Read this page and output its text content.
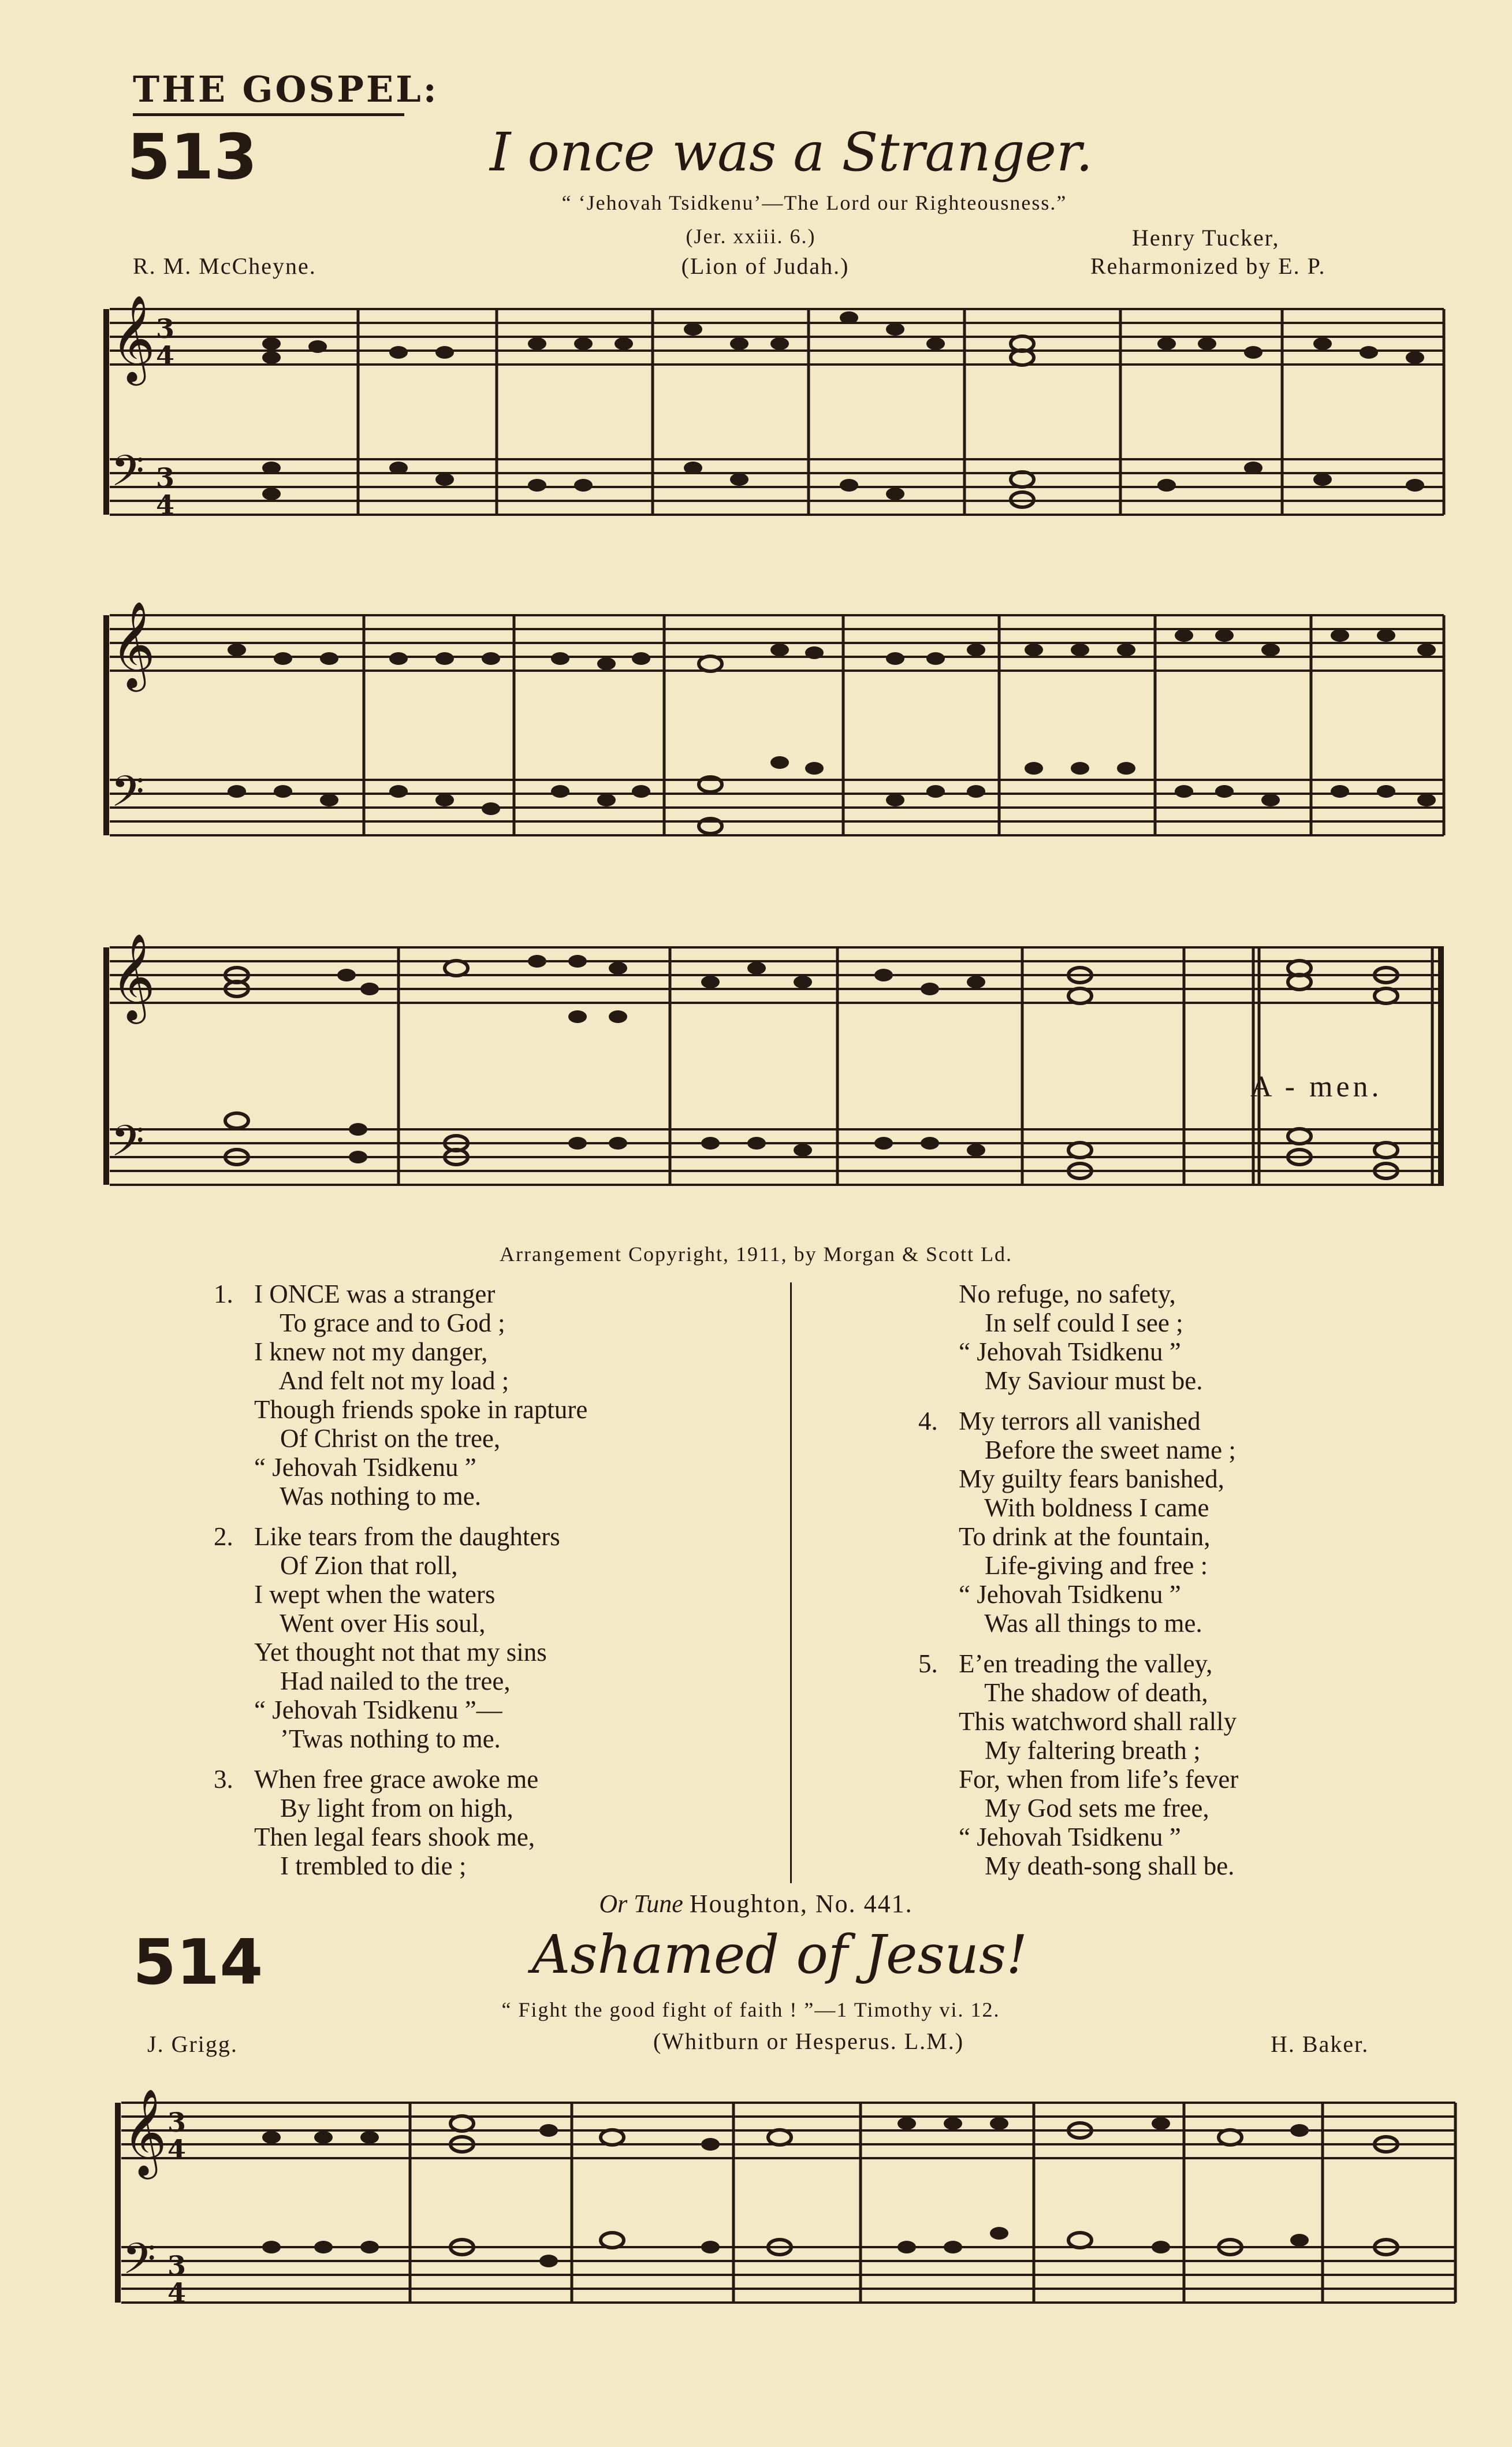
THE GOSPEL:
513	I once was a Stranger.
“ ‘Jehovah Tsidkenu’—The Lord our Righteousness.”
(Jer. xxiii. 6.)
(Lion of Judah.)
R. M. McCheyne.
Henry Tucker,
Reharmonized by E. P.
𝄞
𝄢
3
4
3
4
𝄞
𝄢
𝄞
𝄢
A - men.
Arrangement Copyright, 1911, by Morgan & Scott Ld.
1. I ONCE was a stranger
To grace and to God ;
I knew not my danger,
And felt not my load ;
Though friends spoke in rapture
Of Christ on the tree,
“ Jehovah Tsidkenu ”
Was nothing to me.
2. Like tears from the daughters
Of Zion that roll,
I wept when the waters
Went over His soul,
Yet thought not that my sins
Had nailed to the tree,
“ Jehovah Tsidkenu ”—
’Twas nothing to me.
3. When free grace awoke me
By light from on high,
Then legal fears shook me,
I trembled to die ;
No refuge, no safety,
In self could I see ;
“ Jehovah Tsidkenu ”
My Saviour must be.
4. My terrors all vanished
Before the sweet name ;
My guilty fears banished,
With boldness I came
To drink at the fountain,
Life-giving and free :
“ Jehovah Tsidkenu ”
Was all things to me.
5. E’en treading the valley,
The shadow of death,
This watchword shall rally
My faltering breath ;
For, when from life’s fever
My God sets me free,
“ Jehovah Tsidkenu ”
My death-song shall be.
Or Tune Houghton, No. 441.
514	Ashamed of Jesus!
“ Fight the good fight of faith ! ”—1 Timothy vi. 12.
J. Grigg.	(Whitburn or Hesperus. L.M.)	H. Baker.
𝄞
𝄢
3
4
3
4
